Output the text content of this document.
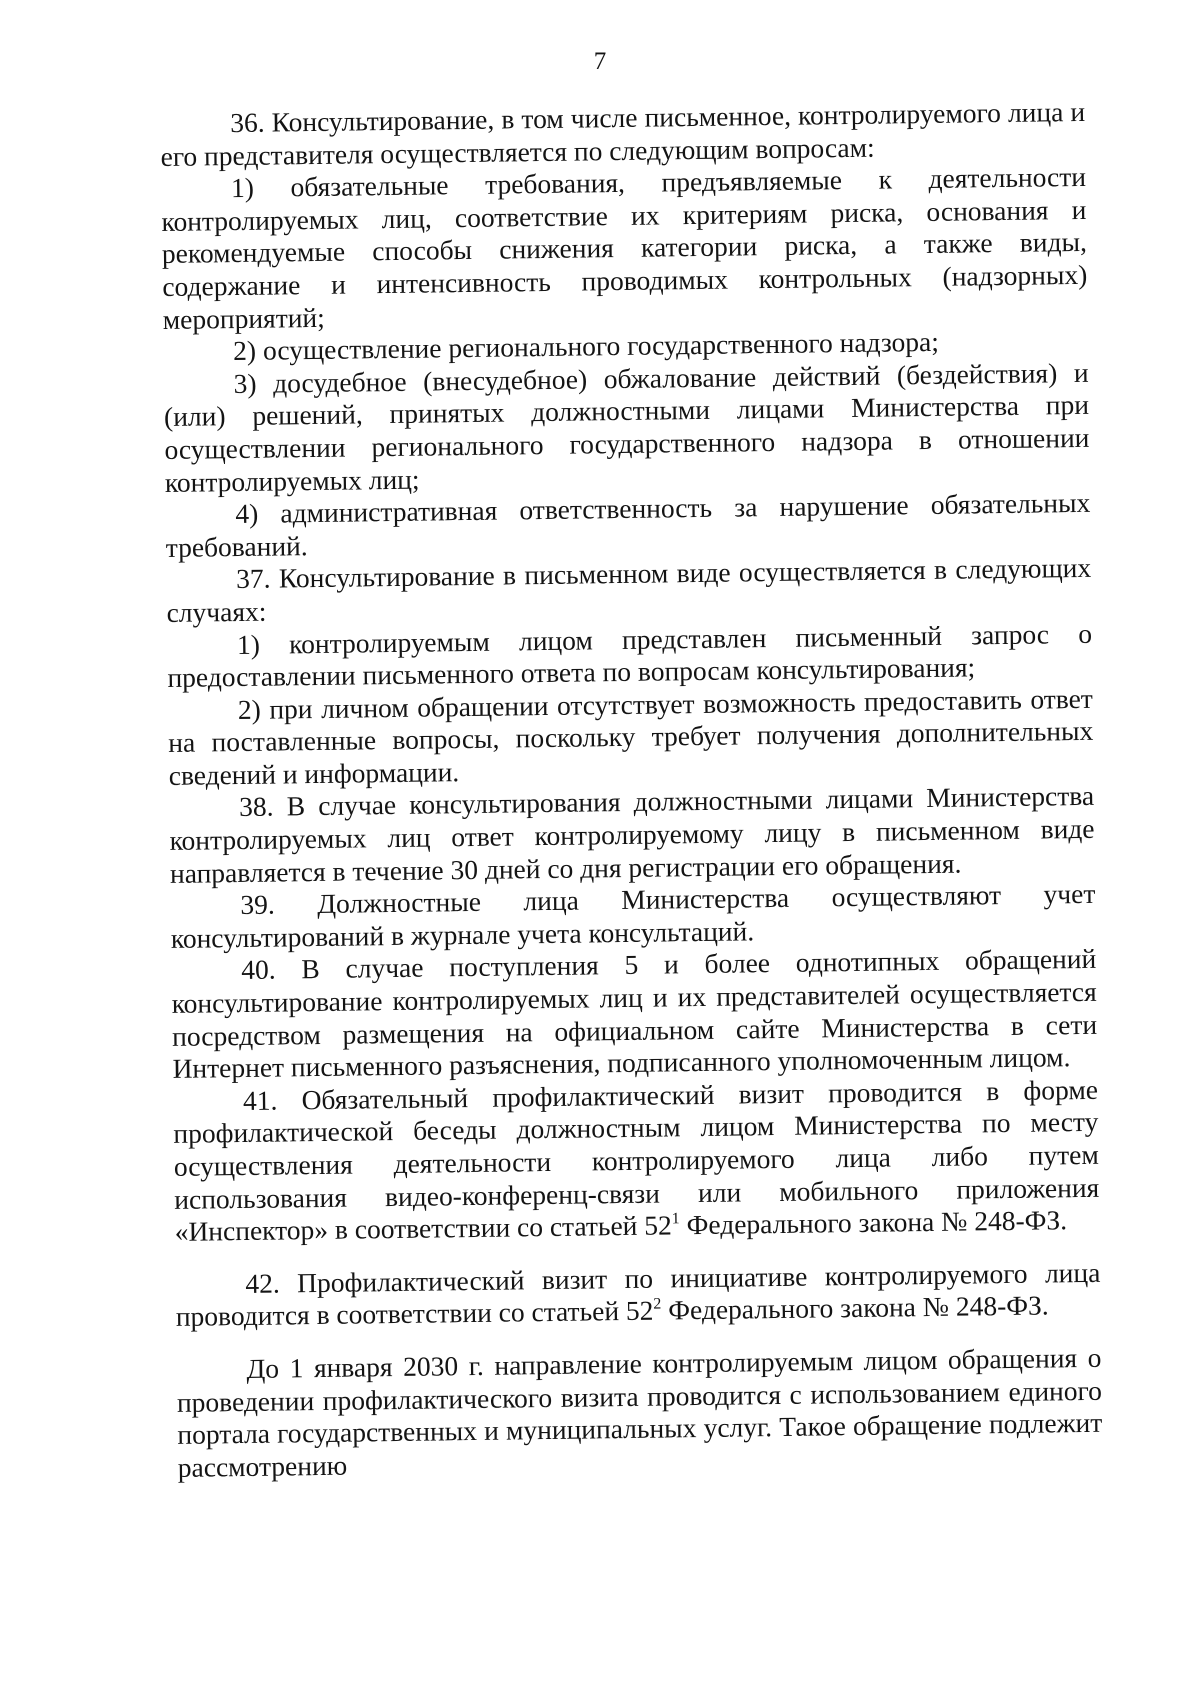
7

36. Консультирование, в том числе письменное, контролируемого лица и его представителя осуществляется по следующим вопросам:

1) обязательные требования, предъявляемые к деятельности контролируемых лиц, соответствие их критериям риска, основания и рекомендуемые способы снижения категории риска, а также виды, содержание и интенсивность проводимых контрольных (надзорных) мероприятий;

2) осуществление регионального государственного надзора;

3) досудебное (внесудебное) обжалование действий (бездействия) и (или) решений, принятых должностными лицами Министерства при осуществлении регионального государственного надзора в отношении контролируемых лиц;

4) административная ответственность за нарушение обязательных требований.

37. Консультирование в письменном виде осуществляется в следующих случаях:

1) контролируемым лицом представлен письменный запрос о предоставлении письменного ответа по вопросам консультирования;

2) при личном обращении отсутствует возможность предоставить ответ на поставленные вопросы, поскольку требует получения дополнительных сведений и информации.

38. В случае консультирования должностными лицами Министерства контролируемых лиц ответ контролируемому лицу в письменном виде направляется в течение 30 дней со дня регистрации его обращения.

39. Должностные лица Министерства осуществляют учет консультирований в журнале учета консультаций.

40. В случае поступления 5 и более однотипных обращений консультирование контролируемых лиц и их представителей осуществляется посредством размещения на официальном сайте Министерства в сети Интернет письменного разъяснения, подписанного уполномоченным лицом.

41. Обязательный профилактический визит проводится в форме профилактической беседы должностным лицом Министерства по месту осуществления деятельности контролируемого лица либо путем использования видео-конференц-связи или мобильного приложения «Инспектор» в соответствии со статьей $52^1$ Федерального закона № 248-ФЗ.

42. Профилактический визит по инициативе контролируемого лица проводится в соответствии со статьей $52^2$ Федерального закона № 248-ФЗ.

До 1 января 2030 г. направление контролируемым лицом обращения о проведении профилактического визита проводится с использованием единого портала государственных и муниципальных услуг. Такое обращение подлежит рассмотрению
